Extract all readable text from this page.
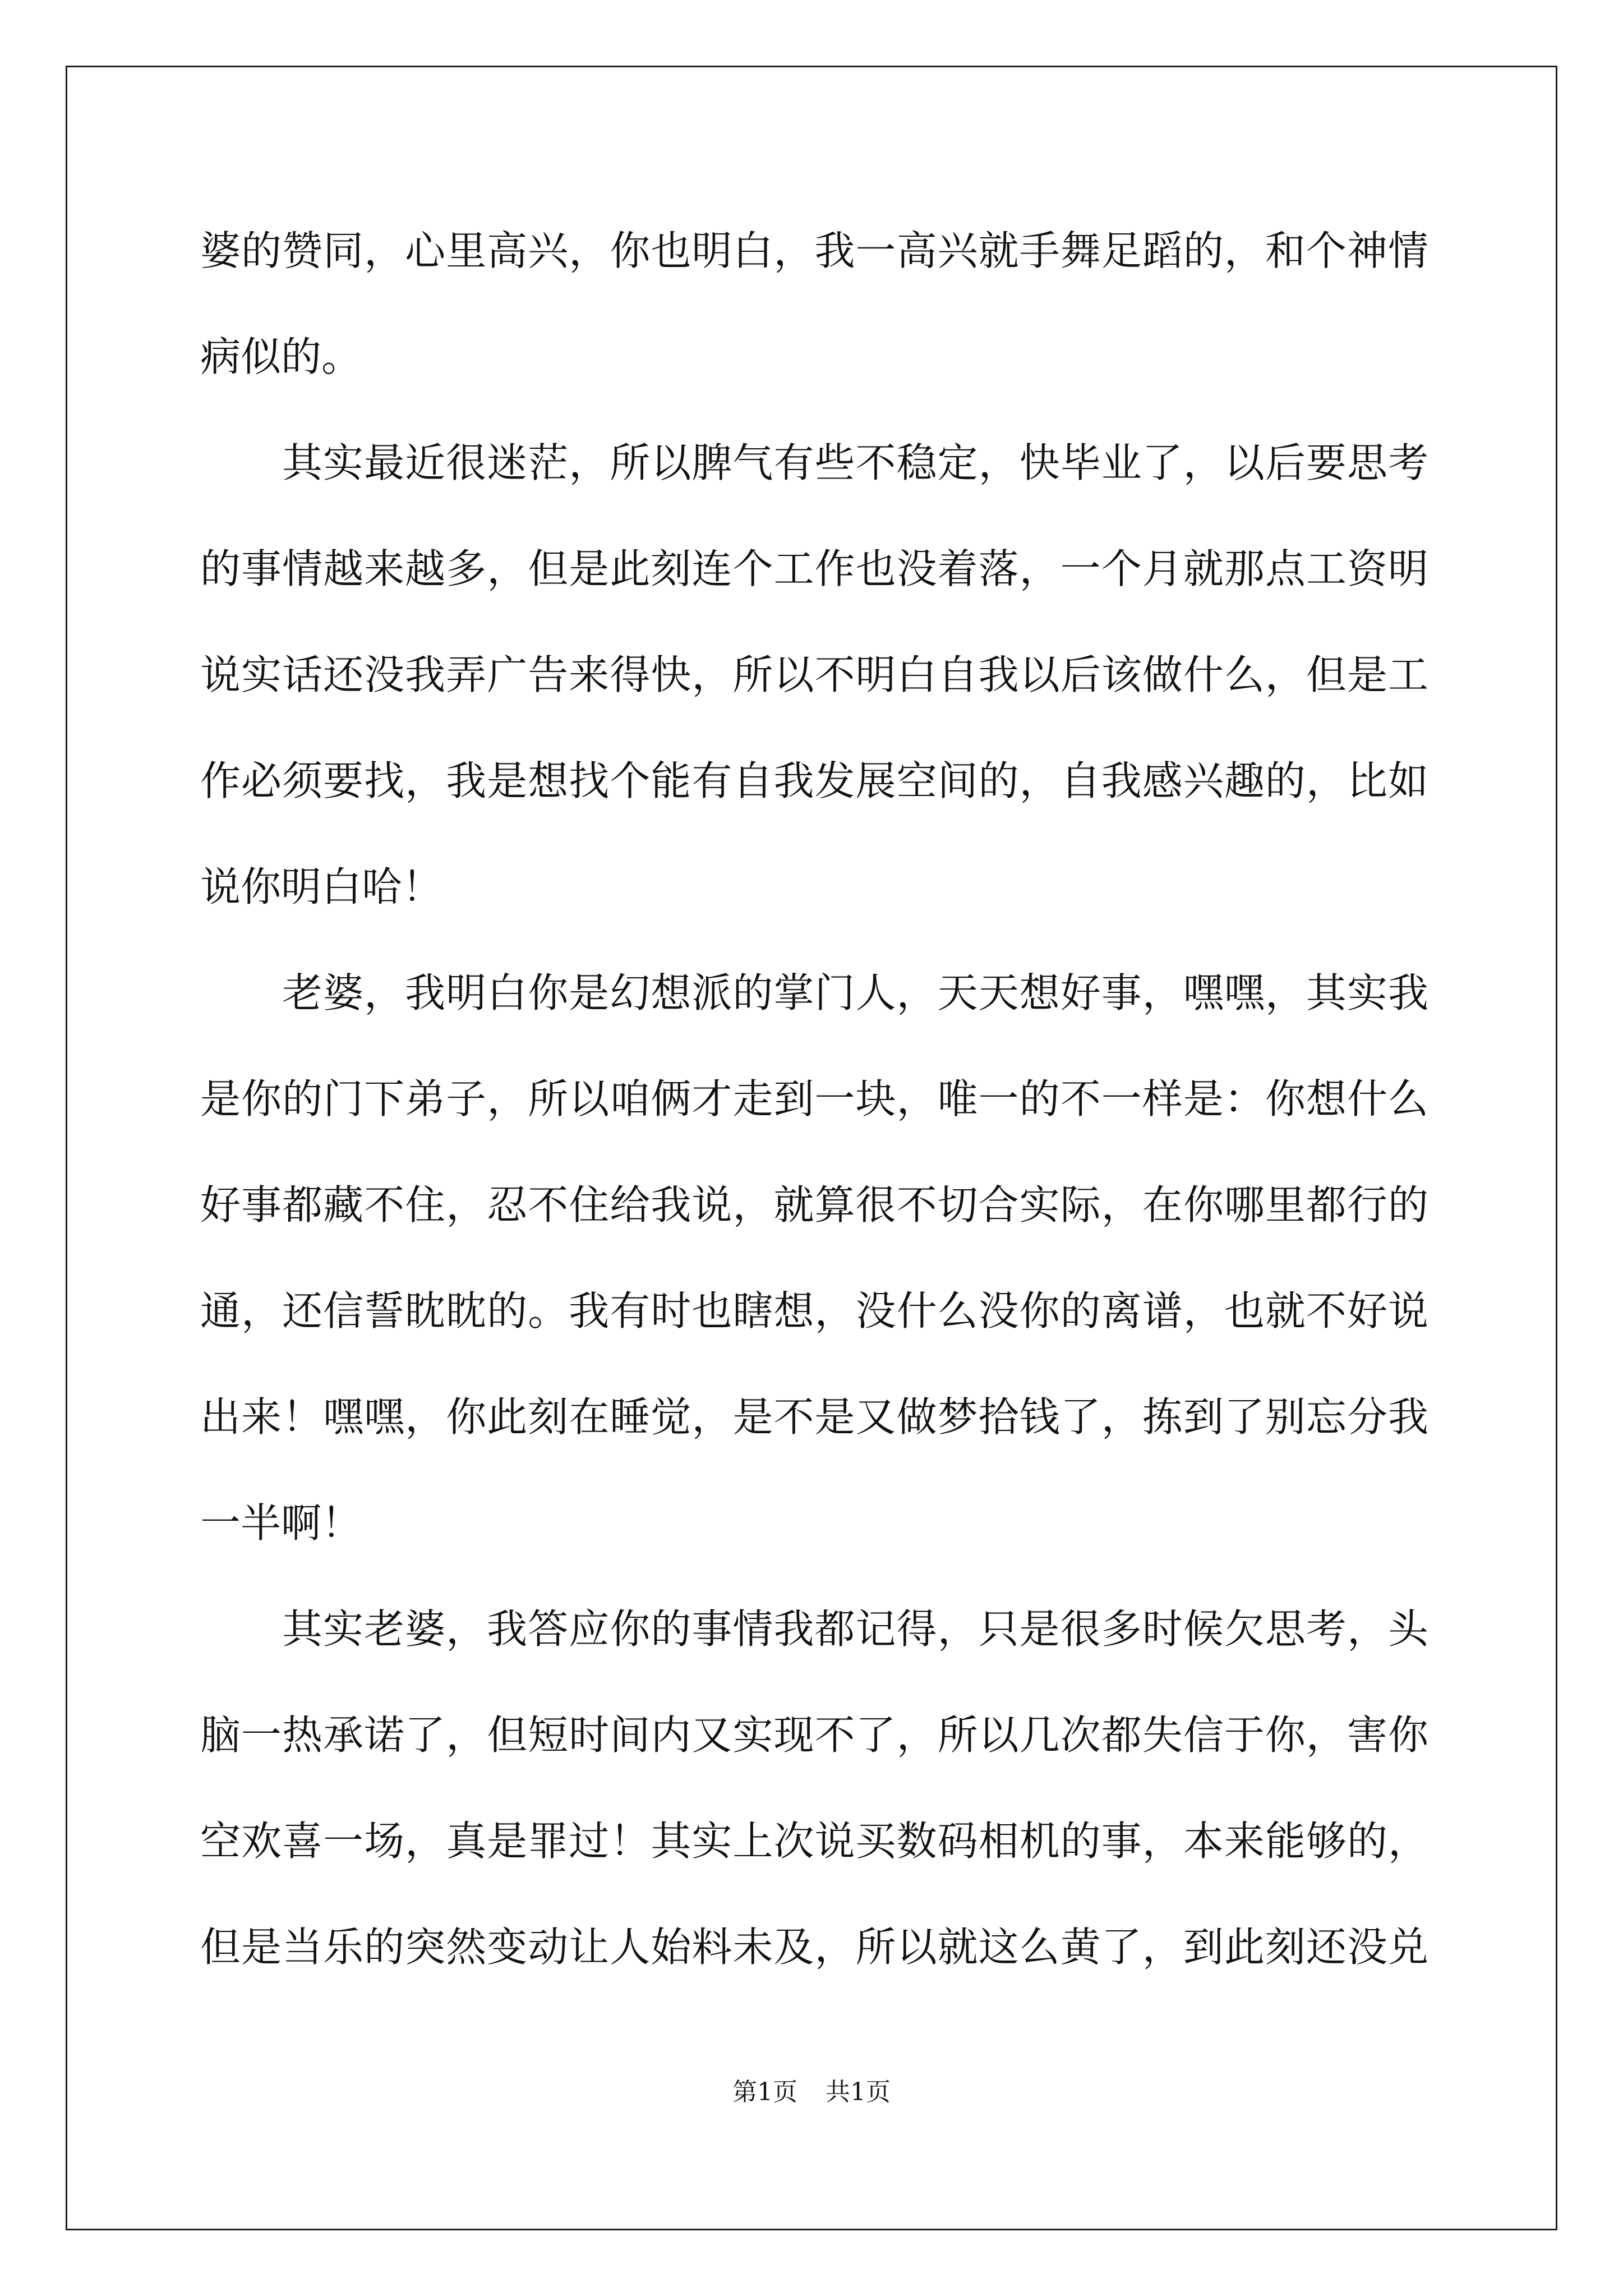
婆的赞同，心里高兴，你也明白，我一高兴就手舞足蹈的，和个神情
病似的。
其实最近很迷茫，所以脾气有些不稳定，快毕业了，以后要思考
的事情越来越多，但是此刻连个工作也没着落，一个月就那点工资明
说实话还没我弄广告来得快，所以不明白自我以后该做什么，但是工
作必须要找，我是想找个能有自我发展空间的，自我感兴趣的，比如
说你明白哈！
老婆，我明白你是幻想派的掌门人，天天想好事，嘿嘿，其实我
是你的门下弟子，所以咱俩才走到一块，唯一的不一样是：你想什么
好事都藏不住，忍不住给我说，就算很不切合实际，在你哪里都行的
通，还信誓眈眈的。我有时也瞎想，没什么没你的离谱，也就不好说
出来！嘿嘿，你此刻在睡觉，是不是又做梦拾钱了，拣到了别忘分我
一半啊！
其实老婆，我答应你的事情我都记得，只是很多时候欠思考，头
脑一热承诺了，但短时间内又实现不了，所以几次都失信于你，害你
空欢喜一场，真是罪过！其实上次说买数码相机的事，本来能够的，
但是当乐的突然变动让人始料未及，所以就这么黄了，到此刻还没兑
第1页 共1页
